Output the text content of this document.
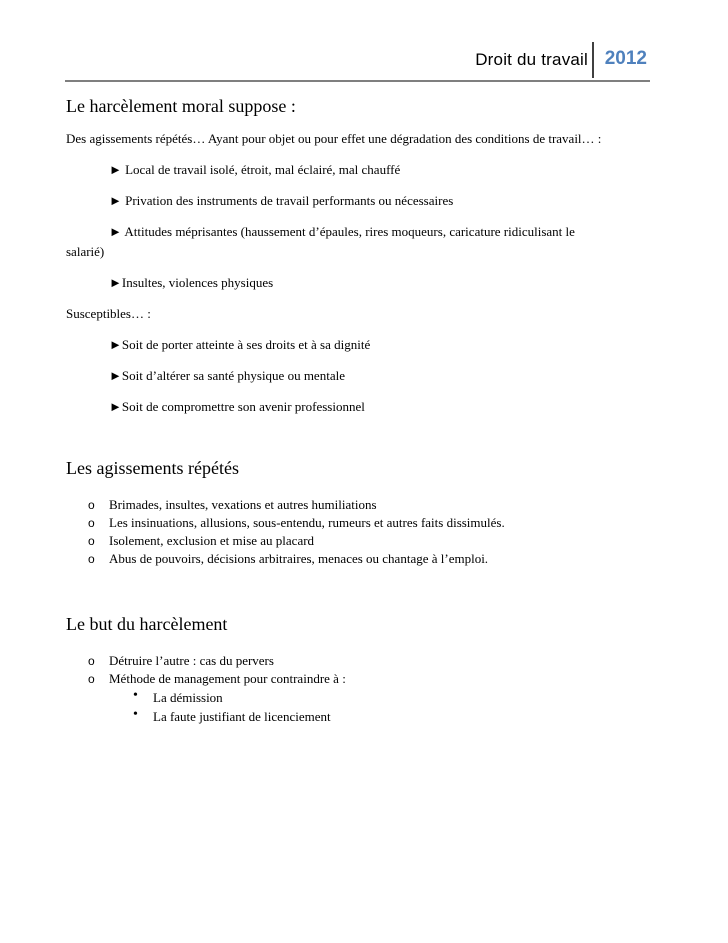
Droit du travail 2012
Le harcèlement moral suppose :
Des agissements répétés… Ayant pour objet ou pour effet une dégradation des conditions de travail… :
► Local de travail isolé, étroit, mal éclairé, mal chauffé
► Privation des instruments de travail performants ou nécessaires
► Attitudes méprisantes (haussement d’épaules, rires moqueurs, caricature ridiculisant le
salarié)
►Insultes, violences physiques
Susceptibles… :
►Soit de porter atteinte à ses droits et à sa dignité
►Soit d’altérer sa santé physique ou mentale
►Soit de compromettre son avenir professionnel
Les agissements répétés
o Brimades, insultes, vexations et autres humiliations
o Les insinuations, allusions, sous-entendu, rumeurs et autres faits dissimulés.
o Isolement, exclusion et mise au placard
o Abus de pouvoirs, décisions arbitraires, menaces ou chantage à l’emploi.
Le but du harcèlement
o Détruire l’autre : cas du pervers
o Méthode de management pour contraindre à :
• La démission
• La faute justifiant de licenciement
